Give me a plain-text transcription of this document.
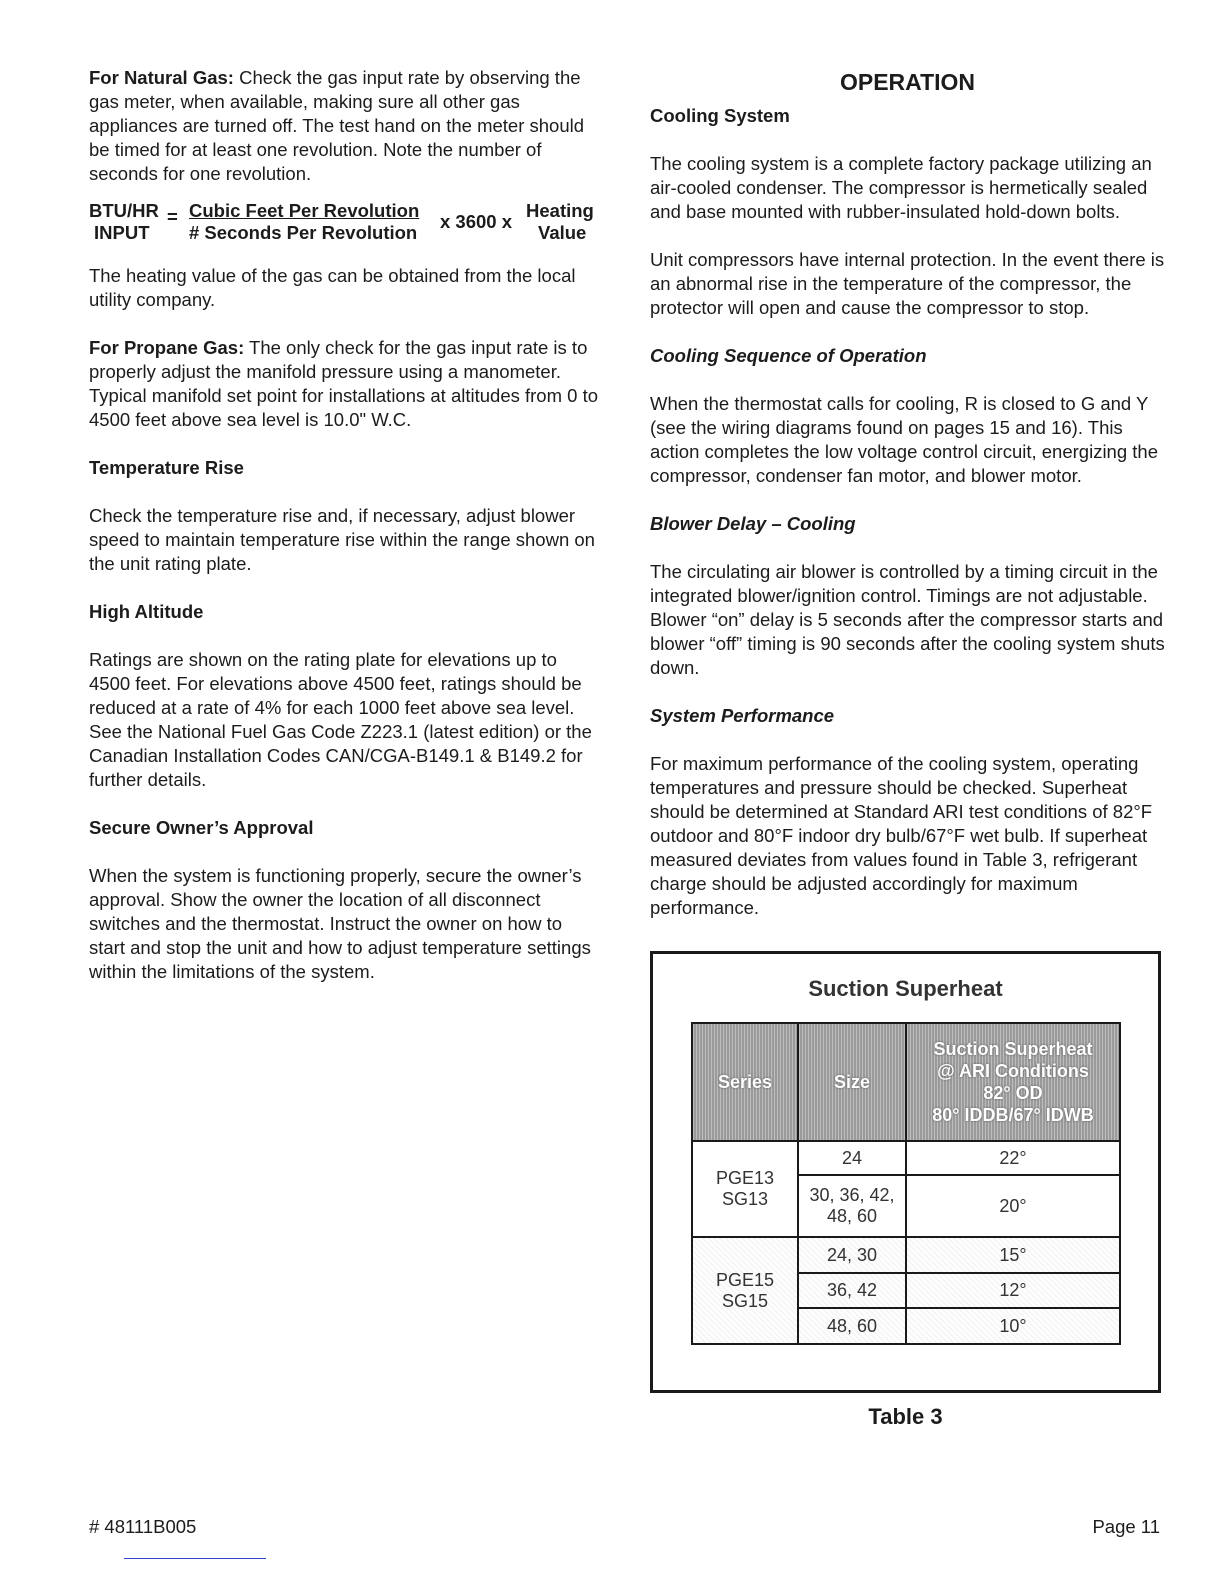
For Natural Gas: Check the gas input rate by observing the gas meter, when available, making sure all other gas appliances are turned off. The test hand on the meter should be timed for at least one revolution. Note the number of seconds for one revolution.

BTU/HR =
INPUT
Cubic Feet Per Revolution
# Seconds Per Revolution
x 3600 x
Heating
Value

The heating value of the gas can be obtained from the local utility company.

For Propane Gas: The only check for the gas input rate is to properly adjust the manifold pressure using a manometer. Typical manifold set point for installations at altitudes from 0 to 4500 feet above sea level is 10.0" W.C.

Temperature Rise

Check the temperature rise and, if necessary, adjust blower speed to maintain temperature rise within the range shown on the unit rating plate.

High Altitude

Ratings are shown on the rating plate for elevations up to 4500 feet. For elevations above 4500 feet, ratings should be reduced at a rate of 4% for each 1000 feet above sea level. See the National Fuel Gas Code Z223.1 (latest edition) or the Canadian Installation Codes CAN/CGA-B149.1 & B149.2 for further details.

Secure Owner’s Approval

When the system is functioning properly, secure the owner’s approval. Show the owner the location of all disconnect switches and the thermostat. Instruct the owner on how to start and stop the unit and how to adjust temperature settings within the limitations of the system.

OPERATION

Cooling System

The cooling system is a complete factory package utilizing an air-cooled condenser. The compressor is hermetically sealed and base mounted with rubber-insulated hold-down bolts.

Unit compressors have internal protection. In the event there is an abnormal rise in the temperature of the compressor, the protector will open and cause the compressor to stop.

Cooling Sequence of Operation

When the thermostat calls for cooling, R is closed to G and Y (see the wiring diagrams found on pages 15 and 16). This action completes the low voltage control circuit, energizing the compressor, condenser fan motor, and blower motor.

Blower Delay – Cooling

The circulating air blower is controlled by a timing circuit in the integrated blower/ignition control. Timings are not adjustable. Blower “on” delay is 5 seconds after the compressor starts and blower “off” timing is 90 seconds after the cooling system shuts down.

System Performance

For maximum performance of the cooling system, operating temperatures and pressure should be checked. Superheat should be determined at Standard ARI test conditions of 82°F outdoor and 80°F indoor dry bulb/67°F wet bulb. If superheat measured deviates from values found in Table 3, refrigerant charge should be adjusted accordingly for maximum performance.

Suction Superheat
Series	Size	Suction Superheat
@ ARI Conditions
82° OD
80° IDDB/67° IDWB

PGE13
SG13	24	22°

	30, 36, 42,
48, 60	20°

PGE15
SG15	24, 30	15°
	36, 42	12°
	48, 60	10°
Table 3
# 48111B005	Page 11
